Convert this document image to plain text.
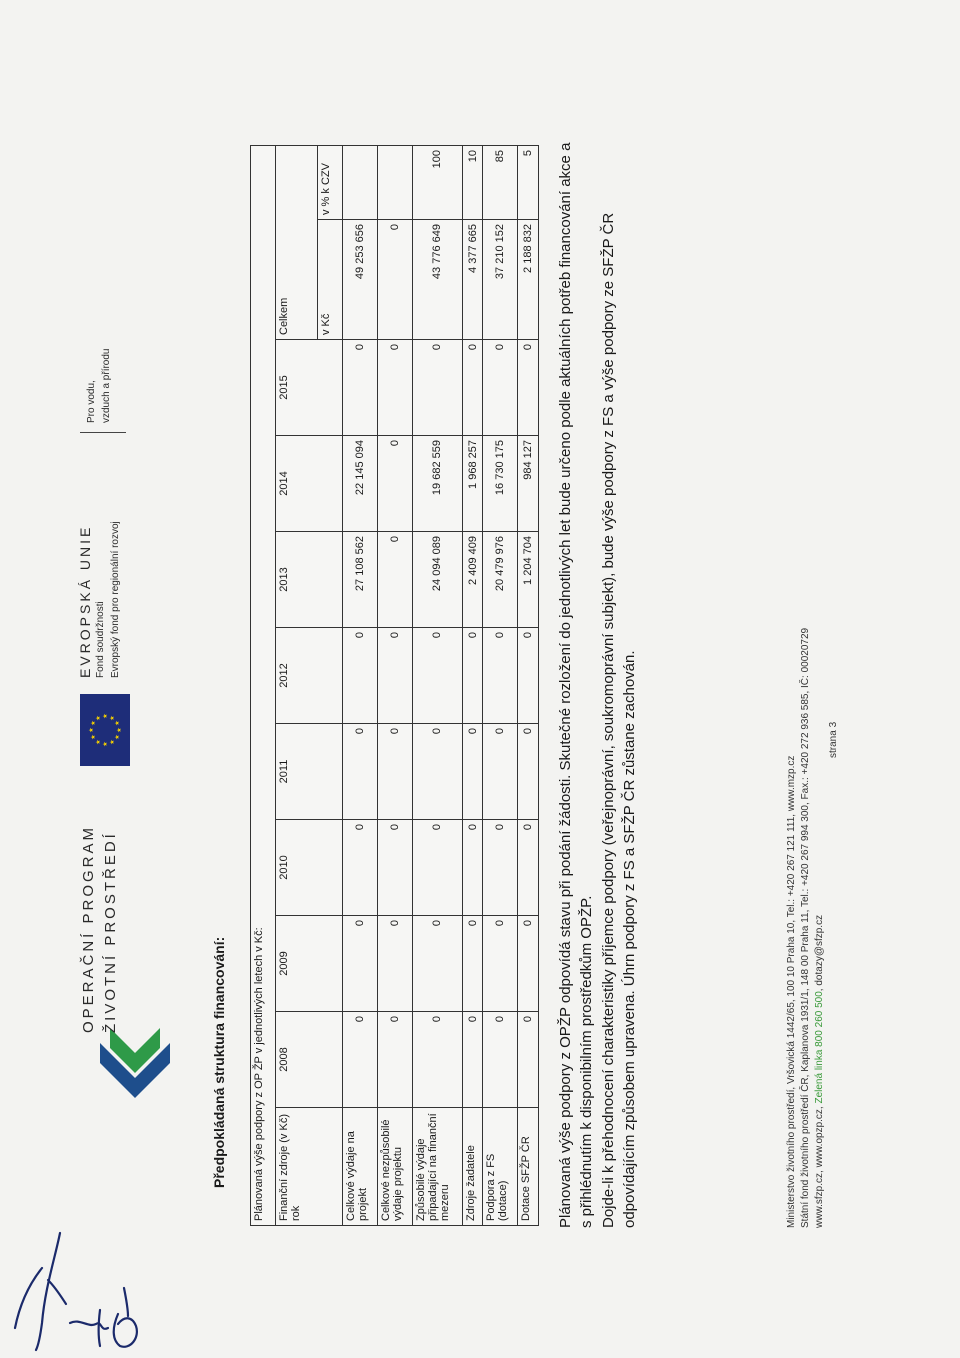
OPERAČNÍ PROGRAM ŽIVOTNÍ PROSTŘEDÍ
★
★
★ ★ ★
★
★
★
★
★
★
★
EVROPSKÁ UNIE Fond soudržnosti Evropský fond pro regionální rozvoj
Pro vodu, vzduch a přírodu
Předpokládaná struktura financování: Plánovaná výše podpory z OP ŽP v jednotlivých letech v Kč:										
Finanční zdroje (v Kč) rok	2008	2009	2010	2011	2012	2013	2014	2015	Celkem	
									v Kč	v % k CZV
Celkové výdaje na projekt	0	0	0	0	0	27 108 562	22 145 094	0	49 253 656	
Celkové nezpůsobilé výdaje projektu	0	0	0	0	0	0	0	0	0	
Způsobilé výdaje připadající na finanční mezeru	0	0	0	0	0	24 094 089	19 682 559	0	43 776 649	100
Zdroje žadatele	0	0	0	0	0	2 409 409	1 968 257	0	4 377 665	10
Podpora z FS (dotace)	0	0	0	0	0	20 479 976	16 730 175	0	37 210 152	85
Dotace SFŽP ČR	0	0	0	0	0	1 204 704	984 127	0	2 188 832	5 Plánovaná výše podpory z OPŽP odpovídá stavu při podání žádosti. Skutečné rozložení do jednotlivých let bude určeno podle aktuálních potřeb financování akce a s přihlédnutím k disponibilním prostředkům OPŽP. Dojde-li k přehodnocení charakteristiky příjemce podpory (veřejnoprávní, soukromoprávní subjekt), bude výše podpory z FS a výše podpory ze SFŽP ČR odpovídajícím způsobem upravena. Úhrn podpory z FS a SFŽP ČR zůstane zachován.	Ministerstvo životního prostředí, Vršovická 1442/65, 100 10 Praha 10, Tel.: +420 267 121 111, www.mzp.cz Státní fond životního prostředí ČR, Kaplanova 1931/1, 148 00 Praha 11, Tel.: +420 267 994 300, Fax.: +420 272 936 585, IČ: 00020729 www.sfzp.cz, www.opzp.cz, Zelená linka 800 260 500, dotazy@sfzp.cz
strana 3
